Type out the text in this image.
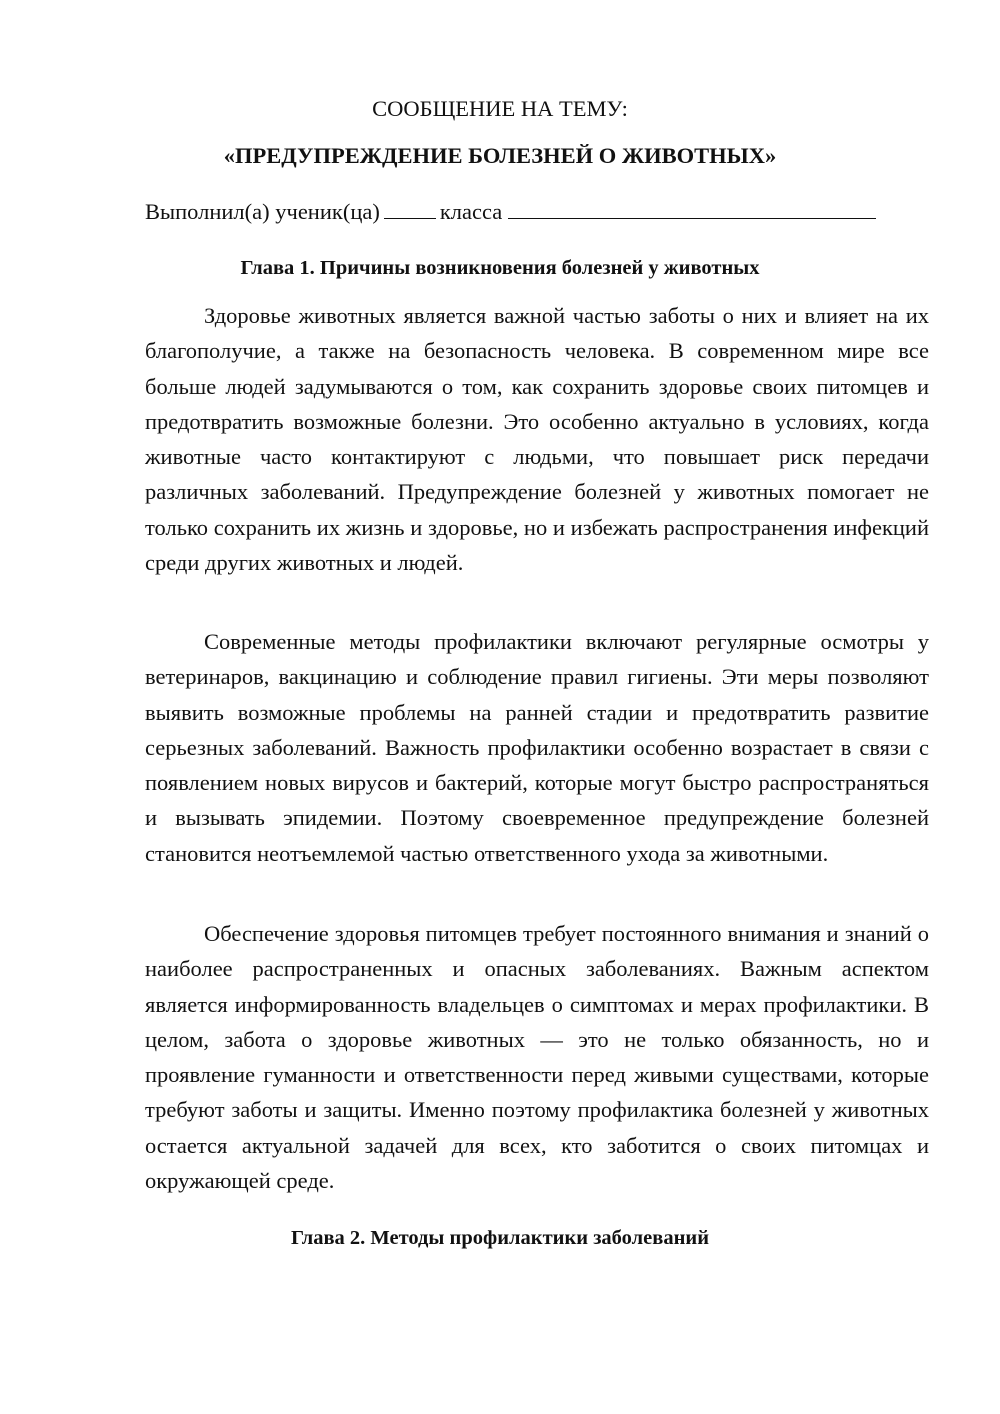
СООБЩЕНИЕ НА ТЕМУ:
«ПРЕДУПРЕЖДЕНИЕ БОЛЕЗНЕЙ О ЖИВОТНЫХ»
Выполнил(а) ученик(ца)	класса
Глава 1. Причины возникновения болезней у животных

Здоровье животных является важной частью заботы о них и влияет на их благополучие, а также на безопасность человека. В современном мире все больше людей задумываются о том, как сохранить здоровье своих питомцев и предотвратить возможные болезни. Это особенно актуально в условиях, когда животные часто контактируют с людьми, что повышает риск передачи различных заболеваний. Предупреждение болезней у животных помогает не только сохранить их жизнь и здоровье, но и избежать распространения инфекций среди других животных и людей.

Современные методы профилактики включают регулярные осмотры у ветеринаров, вакцинацию и соблюдение правил гигиены. Эти меры позволяют выявить возможные проблемы на ранней стадии и предотвратить развитие серьезных заболеваний. Важность профилактики особенно возрастает в связи с появлением новых вирусов и бактерий, которые могут быстро распространяться и вызывать эпидемии. Поэтому своевременное предупреждение болезней становится неотъемлемой частью ответственного ухода за животными.

Обеспечение здоровья питомцев требует постоянного внимания и знаний о наиболее распространенных и опасных заболеваниях. Важным аспектом является информированность владельцев о симптомах и мерах профилактики. В целом, забота о здоровье животных — это не только обязанность, но и проявление гуманности и ответственности перед живыми существами, которые требуют заботы и защиты. Именно поэтому профилактика болезней у животных остается актуальной задачей для всех, кто заботится о своих питомцах и окружающей среде.

Глава 2. Методы профилактики заболеваний
